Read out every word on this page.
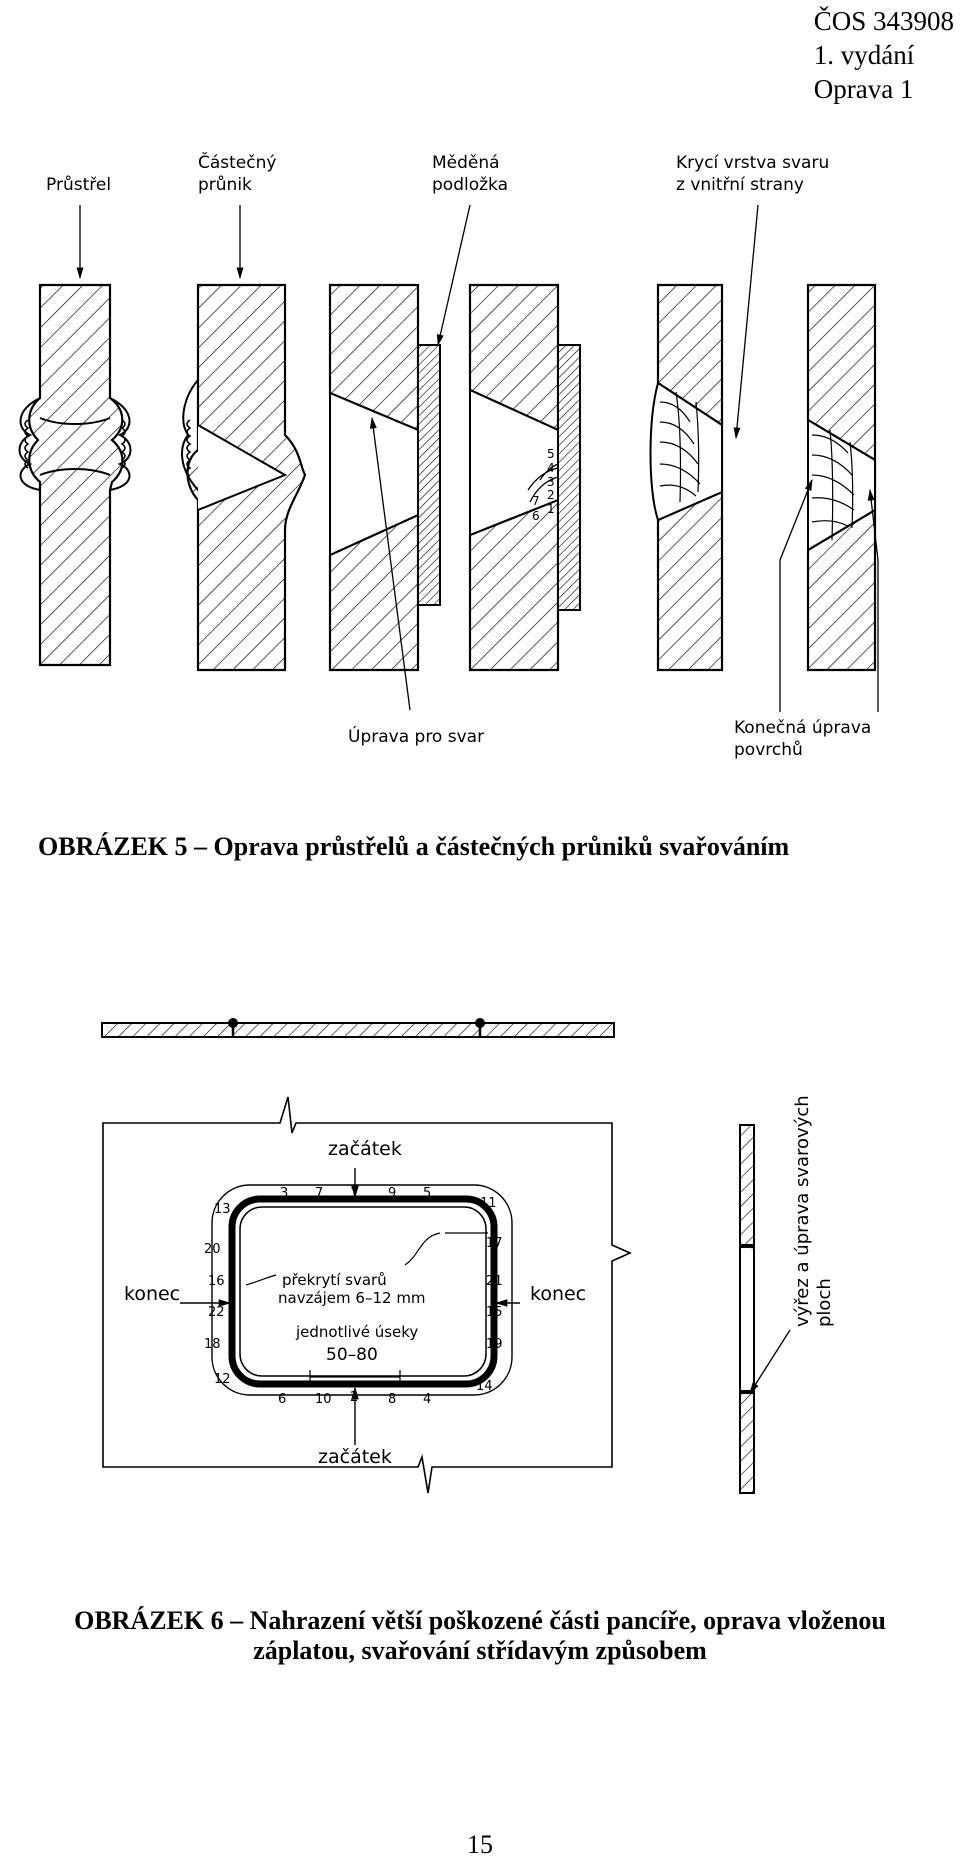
ČOS 343908
1. vydání
Oprava 1
Průstřel
Částečný
průnik
Měděná
podložka
Krycí vrstva svaru
z vnitřní strany
5
4
3
2
1
7
6
Úprava pro svar	Konečná úprava
povrchů
OBRÁZEK 5 – Oprava průstřelů a částečných průniků svařováním
začátek
začátek
konec	konec
překrytí svarů
navzájem 6–12 mm
jednotlivé úseky
50–80
3 7 1 9 5
6 10 2 8 4
13
20
16
22
18
12
11
17
21
15
19
14
výřez a úprava svarových ploch
OBRÁZEK 6 – Nahrazení větší poškozené části pancíře, oprava vloženou
záplatou, svařování střídavým způsobem
15
